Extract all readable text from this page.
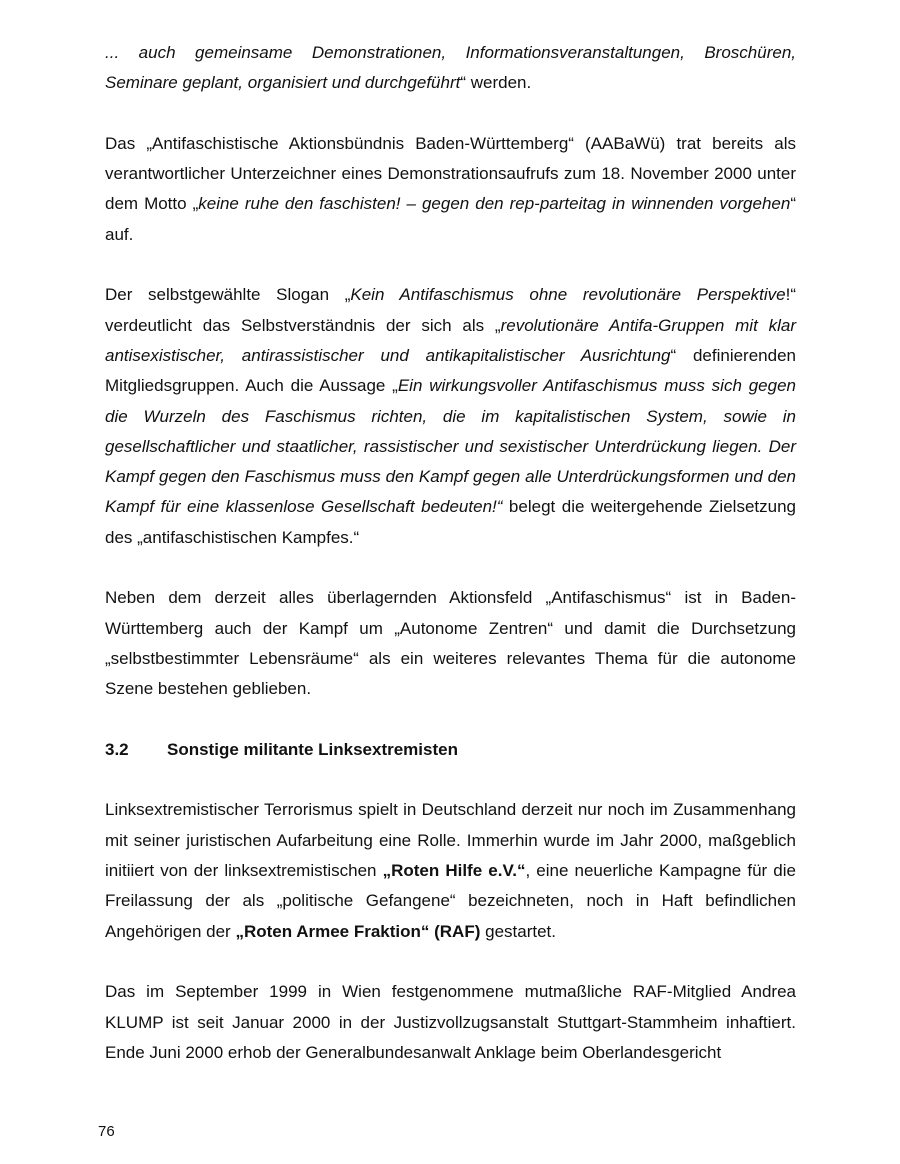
... auch gemeinsame Demonstrationen, Informationsveranstaltungen, Broschüren, Seminare geplant, organisiert und durchgeführt“ werden.

Das „Antifaschistische Aktionsbündnis Baden-Württemberg“ (AABaWü) trat bereits als verantwortlicher Unterzeichner eines Demonstrationsaufrufs zum 18. November 2000 unter dem Motto „keine ruhe den faschisten! – gegen den rep-parteitag in winnenden vorgehen“ auf.

Der selbstgewählte Slogan „Kein Antifaschismus ohne revolutionäre Perspektive!“ verdeutlicht das Selbstverständnis der sich als „revolutionäre Antifa-Gruppen mit klar antisexistischer, antirassistischer und antikapitalistischer Ausrichtung“ definierenden Mitgliedsgruppen. Auch die Aussage „Ein wirkungsvoller Antifaschismus muss sich gegen die Wurzeln des Faschismus richten, die im kapitalistischen System, sowie in gesellschaftlicher und staatlicher, rassistischer und sexistischer Unterdrückung liegen. Der Kampf gegen den Faschismus muss den Kampf gegen alle Unterdrückungsformen und den Kampf für eine klassenlose Gesellschaft bedeuten!“ belegt die weitergehende Zielsetzung des „antifaschistischen Kampfes.“

Neben dem derzeit alles überlagernden Aktionsfeld „Antifaschismus“ ist in Baden-Württemberg auch der Kampf um „Autonome Zentren“ und damit die Durchsetzung „selbstbestimmter Lebensräume“ als ein weiteres relevantes Thema für die autonome Szene bestehen geblieben.

3.2	Sonstige militante Linksextremisten

Linksextremistischer Terrorismus spielt in Deutschland derzeit nur noch im Zusammenhang mit seiner juristischen Aufarbeitung eine Rolle. Immerhin wurde im Jahr 2000, maßgeblich initiiert von der linksextremistischen „Roten Hilfe e.V.“, eine neuerliche Kampagne für die Freilassung der als „politische Gefangene“ bezeichneten, noch in Haft befindlichen Angehörigen der „Roten Armee Fraktion“ (RAF) gestartet.

Das im September 1999 in Wien festgenommene mutmaßliche RAF-Mitglied Andrea KLUMP ist seit Januar 2000 in der Justizvollzugsanstalt Stuttgart-Stammheim inhaftiert. Ende Juni 2000 erhob der Generalbundesanwalt Anklage beim Oberlandesgericht

76
